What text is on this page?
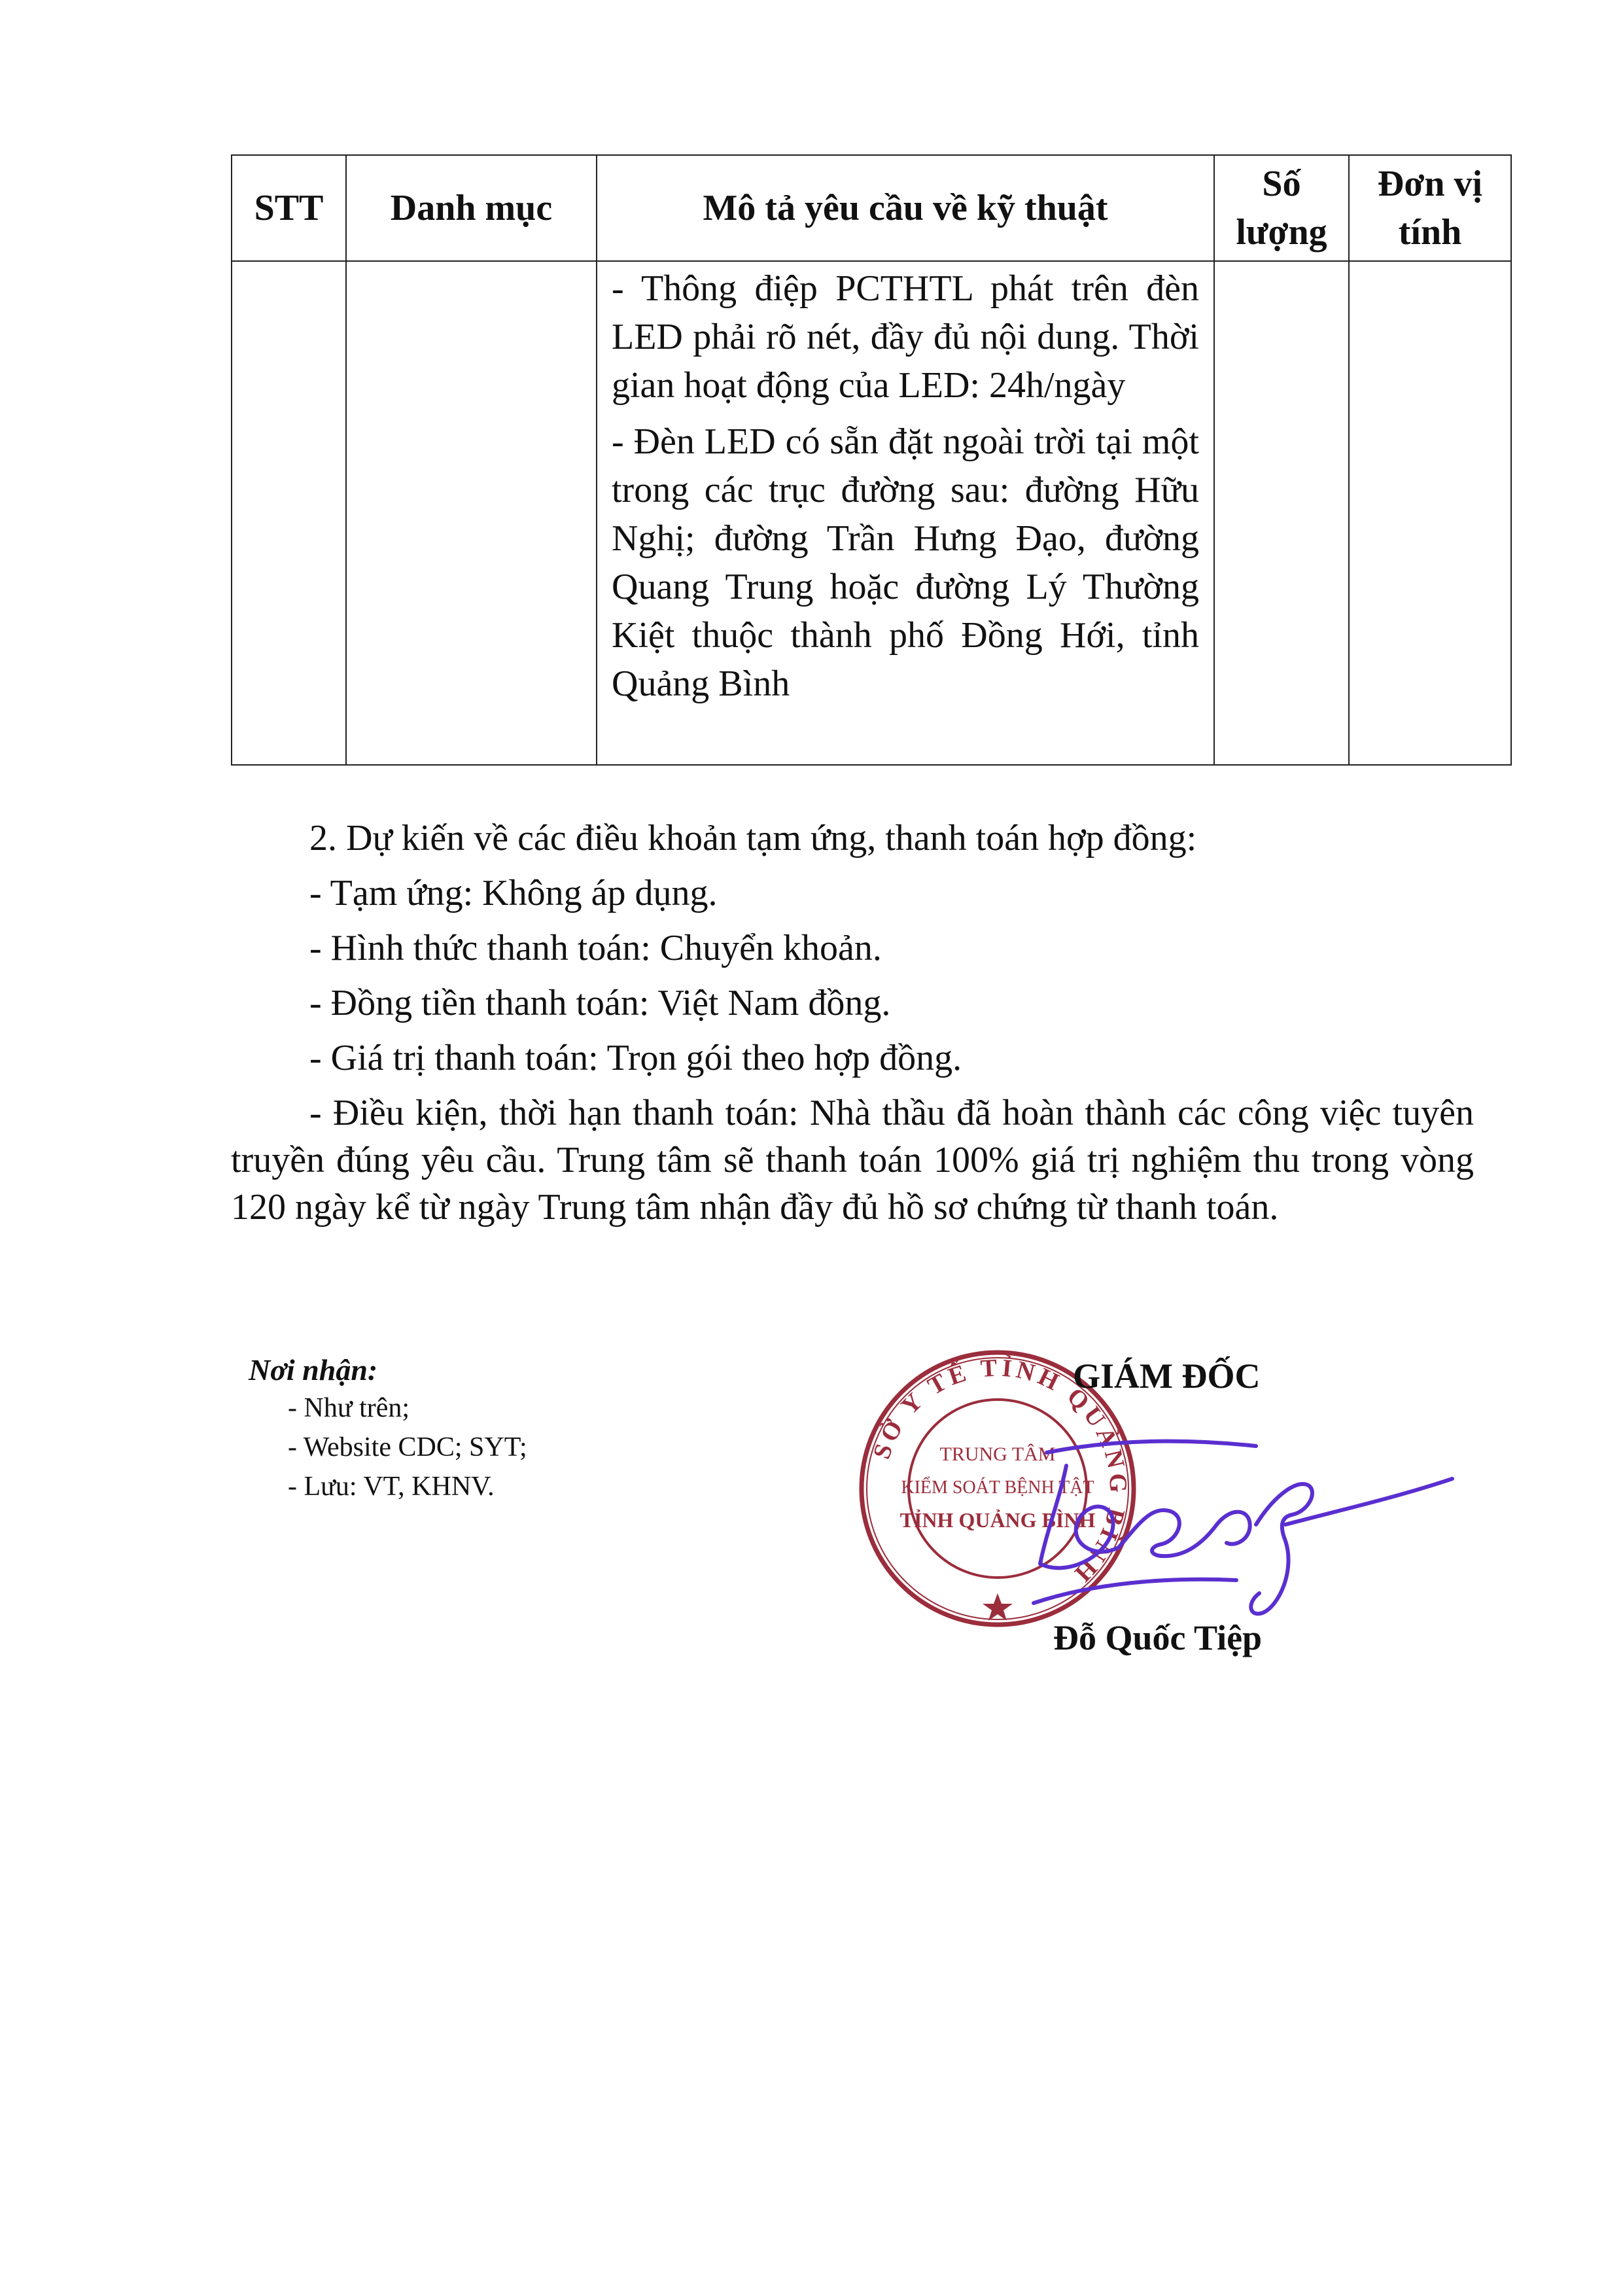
STT	Danh mục	Mô tả yêu cầu về kỹ thuật	Số lượng	Đơn vị tính

		- Thông điệp PCTHTL phát trên đèn LED phải rõ nét, đầy đủ nội dung. Thời gian hoạt động của LED: 24h/ngày

- Đèn LED có sẵn đặt ngoài trời tại một trong các trục đường sau: đường Hữu Nghị; đường Trần Hưng Đạo, đường Quang Trung hoặc đường Lý Thường Kiệt thuộc thành phố Đồng Hới, tỉnh Quảng Bình		

2. Dự kiến về các điều khoản tạm ứng, thanh toán hợp đồng:

- Tạm ứng: Không áp dụng.

- Hình thức thanh toán: Chuyển khoản.

- Đồng tiền thanh toán: Việt Nam đồng.

- Giá trị thanh toán: Trọn gói theo hợp đồng.

- Điều kiện, thời hạn thanh toán: Nhà thầu đã hoàn thành các công việc tuyên truyền đúng yêu cầu. Trung tâm sẽ thanh toán 100% giá trị nghiệm thu trong vòng 120 ngày kể từ ngày Trung tâm nhận đầy đủ hồ sơ chứng từ thanh toán.

Nơi nhận:
- Như trên;
- Website CDC; SYT;
- Lưu: VT, KHNV.
SỞ Y TẾ TỈNH QUẢNG BÌNH
TRUNG TÂM
KIỂM SOÁT BỆNH TẬT
TỈNH QUẢNG BÌNH
GIÁM ĐỐC
Đỗ Quốc Tiệp
